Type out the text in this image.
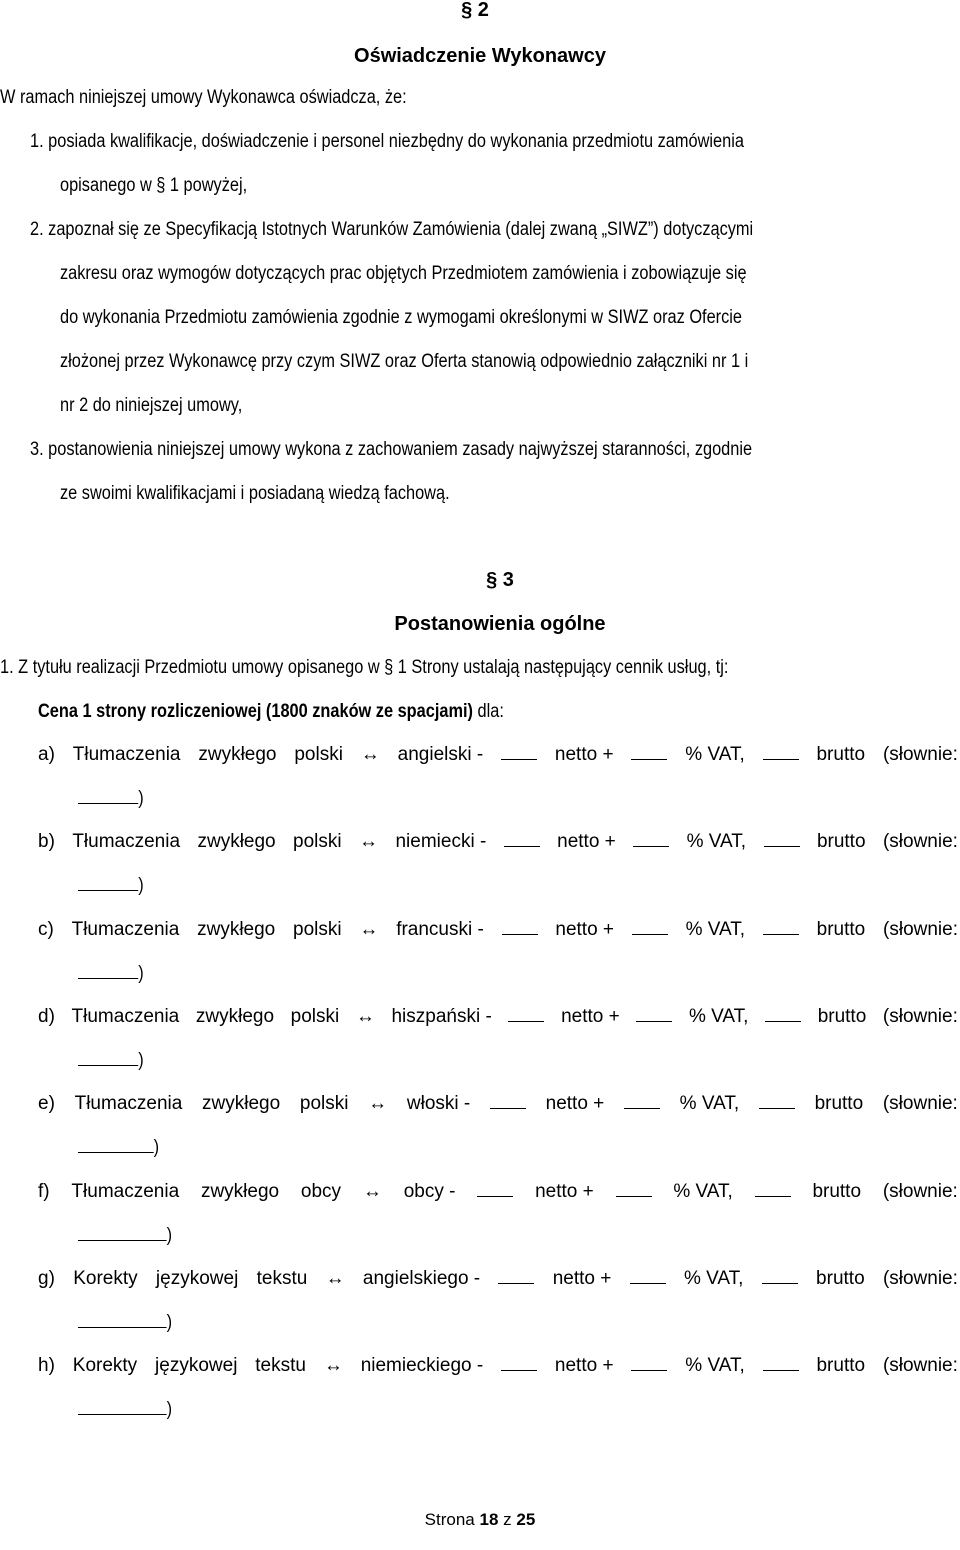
§ 2
Oświadczenie Wykonawcy
W ramach niniejszej umowy Wykonawca oświadcza, że:
1. posiada kwalifikacje, doświadczenie i personel niezbędny do wykonania przedmiotu zamówienia
opisanego w § 1 powyżej,
2. zapoznał się ze Specyfikacją Istotnych Warunków Zamówienia (dalej zwaną „SIWZ”) dotyczącymi
zakresu oraz wymogów dotyczących prac objętych Przedmiotem zamówienia i zobowiązuje się
do wykonania Przedmiotu zamówienia zgodnie z wymogami określonymi w SIWZ oraz Ofercie
złożonej przez Wykonawcę przy czym SIWZ oraz Oferta stanowią odpowiednio załączniki nr 1 i
nr 2 do niniejszej umowy,
3. postanowienia niniejszej umowy wykona z zachowaniem zasady najwyższej staranności, zgodnie
ze swoimi kwalifikacjami i posiadaną wiedzą fachową.
§ 3
Postanowienia ogólne
1. Z tytułu realizacji Przedmiotu umowy opisanego w § 1 Strony ustalają następujący cennik usług, tj:
Cena 1 strony rozliczeniowej (1800 znaków ze spacjami) dla:
a) Tłumaczenia zwykłego polski ↔ angielski -	netto +	% VAT,	brutto (słownie:
)
b) Tłumaczenia zwykłego polski ↔ niemiecki -	netto +	% VAT,	brutto (słownie:
)
c) Tłumaczenia zwykłego polski ↔ francuski -	netto +	% VAT,	brutto (słownie:
)
d) Tłumaczenia zwykłego polski ↔ hiszpański -	netto +	% VAT,	brutto (słownie:
)
e) Tłumaczenia zwykłego polski ↔ włoski -	netto +	% VAT,	brutto (słownie:
)
f) Tłumaczenia zwykłego obcy ↔ obcy -	netto +	% VAT,	brutto (słownie:
)
g) Korekty językowej tekstu ↔ angielskiego -	netto +	% VAT,	brutto (słownie:
)
h) Korekty językowej tekstu ↔ niemieckiego -	netto +	% VAT,	brutto (słownie:
)
Strona 18 z 25
